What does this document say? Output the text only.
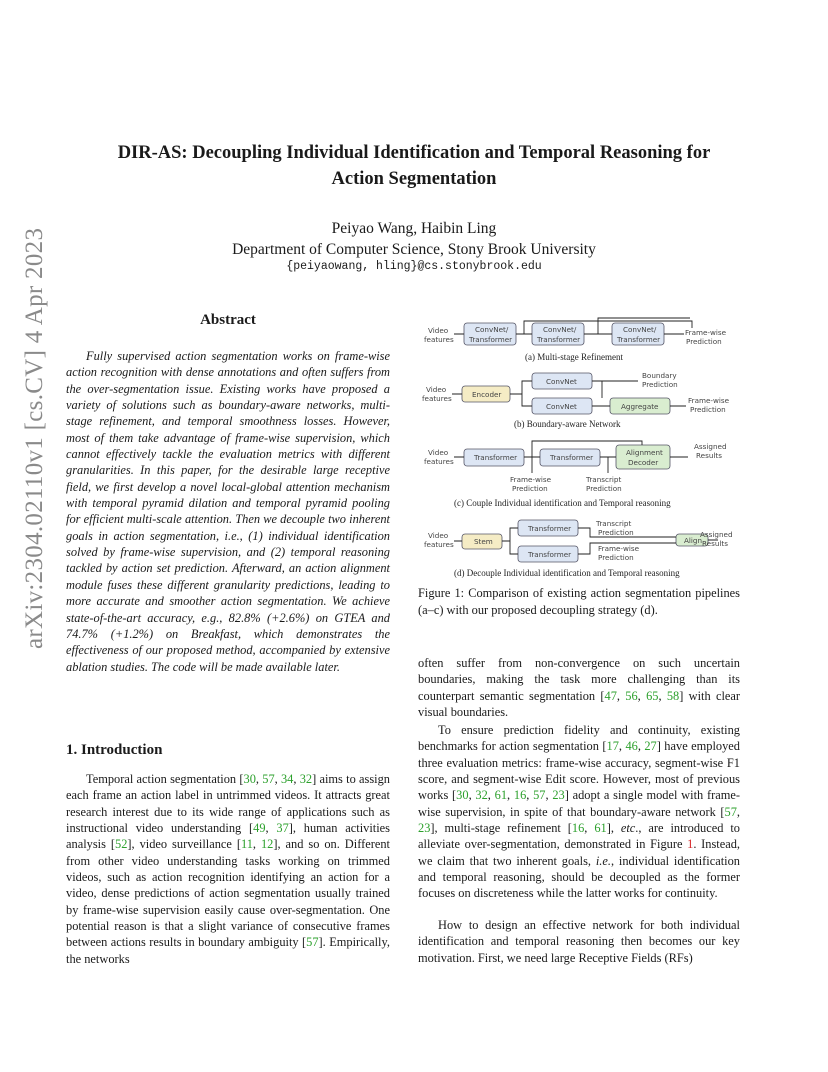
arXiv:2304.02110v1 [cs.CV] 4 Apr 2023
DIR-AS: Decoupling Individual Identification and Temporal Reasoning for
Action Segmentation
Peiyao Wang, Haibin Ling
Department of Computer Science, Stony Brook University
{peiyaowang, hling}@cs.stonybrook.edu
Abstract
Fully supervised action segmentation works on frame-wise action recognition with dense annotations and often suffers from the over-segmentation issue. Existing works have proposed a variety of solutions such as boundary-aware networks, multi-stage refinement, and temporal smoothness losses. However, most of them take advantage of frame-wise supervision, which cannot effectively tackle the evaluation metrics with different granularities. In this paper, for the desirable large receptive field, we first develop a novel local-global attention mechanism with temporal pyramid dilation and temporal pyramid pooling for efficient multi-scale attention. Then we decouple two inherent goals in action segmentation, i.e., (1) individual identification solved by frame-wise supervision, and (2) temporal reasoning tackled by action set prediction. Afterward, an action alignment module fuses these different granularity predictions, leading to more accurate and smoother action segmentation. We achieve state-of-the-art accuracy, e.g., 82.8% (+2.6%) on GTEA and 74.7% (+1.2%) on Breakfast, which demonstrates the effectiveness of our proposed method, accompanied by extensive ablation studies. The code will be made available later.
1. Introduction
Temporal action segmentation [30, 57, 34, 32] aims to assign each frame an action label in untrimmed videos. It attracts great research interest due to its wide range of applications such as instructional video understanding [49, 37], human activities analysis [52], video surveillance [11, 12], and so on. Different from other video understanding tasks working on trimmed videos, such as action recognition identifying an action for a video, dense predictions of action segmentation usually trained by frame-wise supervision easily cause over-segmentation. One potential reason is that a slight variance of consecutive frames between actions results in boundary ambiguity [57]. Empirically, the networks
Video
features
ConvNet/
Transformer
ConvNet/
Transformer
ConvNet/
Transformer
Frame-wise
Prediction
(a) Multi-stage Refinement
Video
features	Encoder
ConvNet
ConvNet	Aggregate
Boundary
Prediction
Frame-wise
Prediction
(b) Boundary-aware Network
Video
features	Transformer	Transformer
Alignment
Decoder
Assigned
Results
Frame-wise
Prediction
Transcript
Prediction
(c) Couple Individual identification and Temporal reasoning
Video
features	Stem
Transformer
Transformer
Align
Transcript
Prediction
Frame-wise
Prediction
Assigned
Results
(d) Decouple Individual identification and Temporal reasoning
Figure 1: Comparison of existing action segmentation pipelines (a–c) with our proposed decoupling strategy (d).
often suffer from non-convergence on such uncertain boundaries, making the task more challenging than its counterpart semantic segmentation [47, 56, 65, 58] with clear visual boundaries.
To ensure prediction fidelity and continuity, existing benchmarks for action segmentation [17, 46, 27] have employed three evaluation metrics: frame-wise accuracy, segment-wise F1 score, and segment-wise Edit score. However, most of previous works [30, 32, 61, 16, 57, 23] adopt a single model with frame-wise supervision, in spite of that boundary-aware network [57, 23], multi-stage refinement [16, 61], etc., are introduced to alleviate over-segmentation, demonstrated in Figure 1. Instead, we claim that two inherent goals, i.e., individual identification and temporal reasoning, should be decoupled as the former focuses on discreteness while the latter works for continuity.
How to design an effective network for both individual identification and temporal reasoning then becomes our key motivation. First, we need large Receptive Fields (RFs)
